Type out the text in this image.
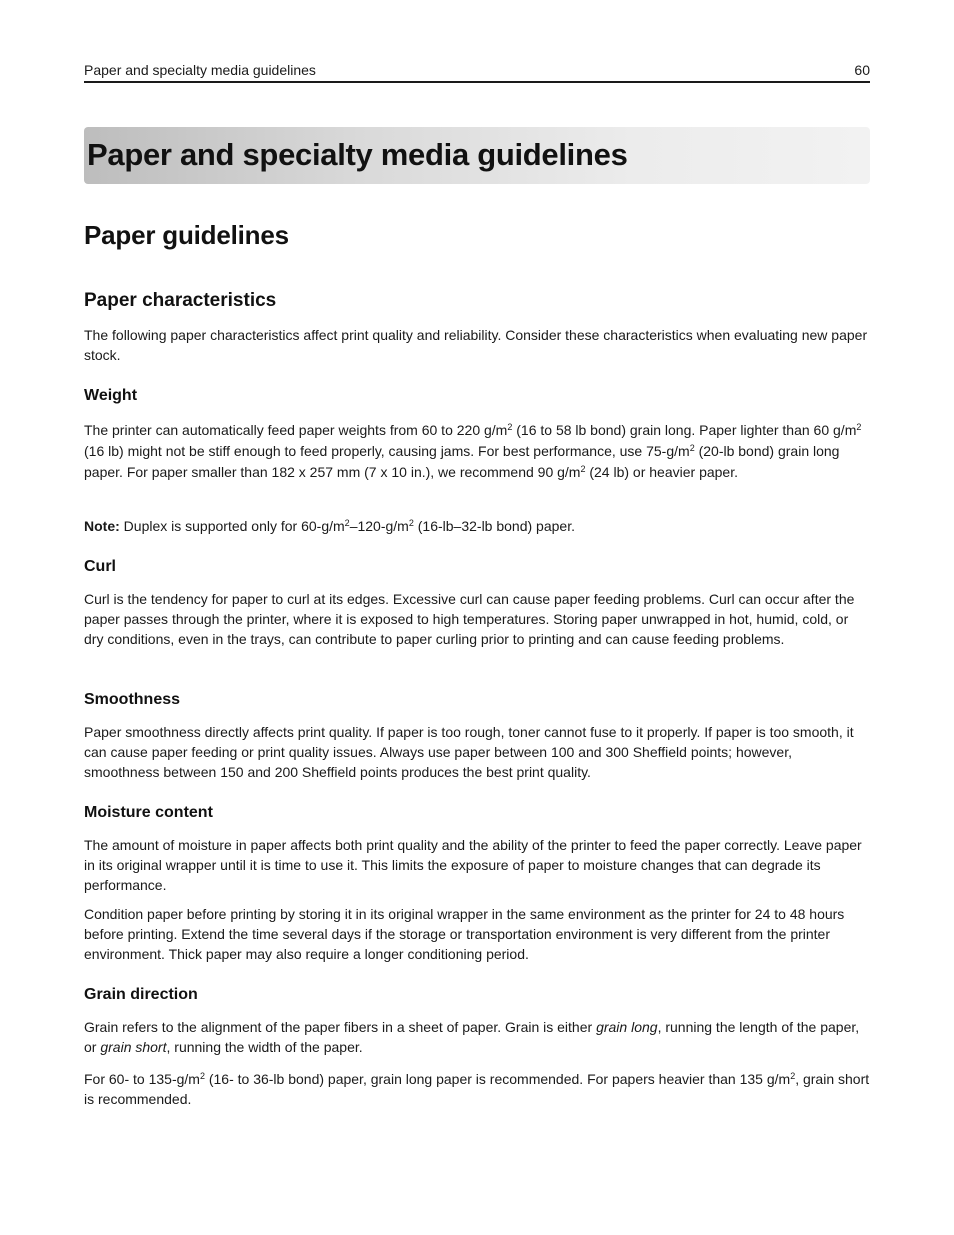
Paper and specialty media guidelines	60
Paper and specialty media guidelines
Paper guidelines
Paper characteristics

The following paper characteristics affect print quality and reliability. Consider these characteristics when evaluating new paper stock.

Weight

The printer can automatically feed paper weights from 60 to 220 $g/m^2$ (16 to 58 lb bond) grain long. Paper lighter than 60 $g/m^2$ (16 lb) might not be stiff enough to feed properly, causing jams. For best performance, use $75-g/m^2$ (20-lb bond) grain long paper. For paper smaller than 182 x 257 mm (7 x 10 in.), we recommend 90 $g/m^2$ (24 lb) or heavier paper.

Note: Duplex is supported only for $60-g/m^2-120-g/m^2$ (16-lb–32-lb bond) paper.

Curl

Curl is the tendency for paper to curl at its edges. Excessive curl can cause paper feeding problems. Curl can occur after the paper passes through the printer, where it is exposed to high temperatures. Storing paper unwrapped in hot, humid, cold, or dry conditions, even in the trays, can contribute to paper curling prior to printing and can cause feeding problems.

Smoothness

Paper smoothness directly affects print quality. If paper is too rough, toner cannot fuse to it properly. If paper is too smooth, it can cause paper feeding or print quality issues. Always use paper between 100 and 300 Sheffield points; however, smoothness between 150 and 200 Sheffield points produces the best print quality.

Moisture content

The amount of moisture in paper affects both print quality and the ability of the printer to feed the paper correctly. Leave paper in its original wrapper until it is time to use it. This limits the exposure of paper to moisture changes that can degrade its performance.

Condition paper before printing by storing it in its original wrapper in the same environment as the printer for 24 to 48 hours before printing. Extend the time several days if the storage or transportation environment is very different from the printer environment. Thick paper may also require a longer conditioning period.

Grain direction

Grain refers to the alignment of the paper fibers in a sheet of paper. Grain is either grain long, running the length of the paper, or grain short, running the width of the paper.

For 60- to $135-g/m^2$ (16- to 36-lb bond) paper, grain long paper is recommended. For papers heavier than 135 $g/m^2$, grain short is recommended.
